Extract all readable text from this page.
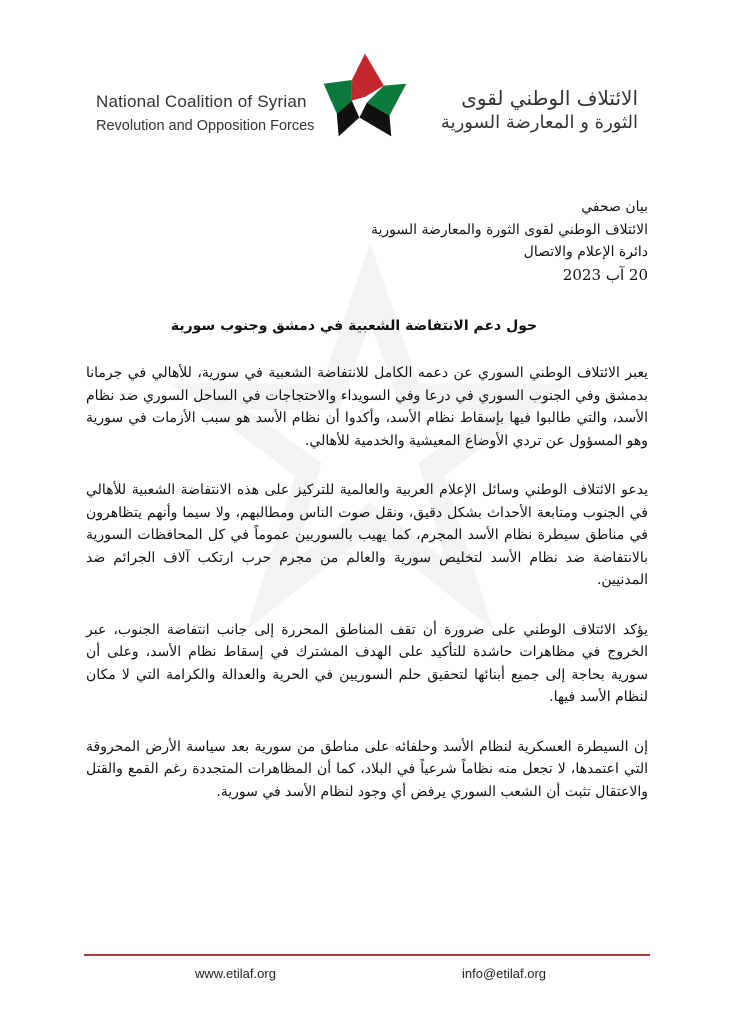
National Coalition of Syrian
Revolution and Opposition Forces
الائتلاف الوطني لقوى
الثورة و المعارضة السورية
بيان صحفي
الائتلاف الوطني لقوى الثورة والمعارضة السورية
دائرة الإعلام والاتصال
20 آب 2023
حول دعم الانتفاضة الشعبية في دمشق وجنوب سورية

يعبر الائتلاف الوطني السوري عن دعمه الكامل للانتفاضة الشعبية في سورية، للأهالي في جرمانا بدمشق وفي الجنوب السوري في درعا وفي السويداء والاحتجاجات في الساحل السوري ضد نظام الأسد، والتي طالبوا فيها بإسقاط نظام الأسد، وأكدوا أن نظام الأسد هو سبب الأزمات في سورية وهو المسؤول عن تردي الأوضاع المعيشية والخدمية للأهالي.

يدعو الائتلاف الوطني وسائل الإعلام العربية والعالمية للتركيز على هذه الانتفاضة الشعبية للأهالي في الجنوب ومتابعة الأحداث بشكل دقيق، ونقل صوت الناس ومطالبهم، ولا سيما وأنهم يتظاهرون في مناطق سيطرة نظام الأسد المجرم، كما يهيب بالسوريين عموماً في كل المحافظات السورية بالانتفاضة ضد نظام الأسد لتخليص سورية والعالم من مجرم حرب ارتكب آلاف الجرائم ضد المدنيين.

يؤكد الائتلاف الوطني على ضرورة أن تقف المناطق المحررة إلى جانب انتفاضة الجنوب، عبر الخروج في مظاهرات حاشدة للتأكيد على الهدف المشترك في إسقاط نظام الأسد، وعلى أن سورية بحاجة إلى جميع أبنائها لتحقيق حلم السوريين في الحرية والعدالة والكرامة التي لا مكان لنظام الأسد فيها.

إن السيطرة العسكرية لنظام الأسد وحلفائه على مناطق من سورية بعد سياسة الأرض المحروقة التي اعتمدها، لا تجعل منه نظاماً شرعياً في البلاد، كما أن المظاهرات المتجددة رغم القمع والقتل والاعتقال تثبت أن الشعب السوري يرفض أي وجود لنظام الأسد في سورية.

www.etilaf.org	info@etilaf.org
